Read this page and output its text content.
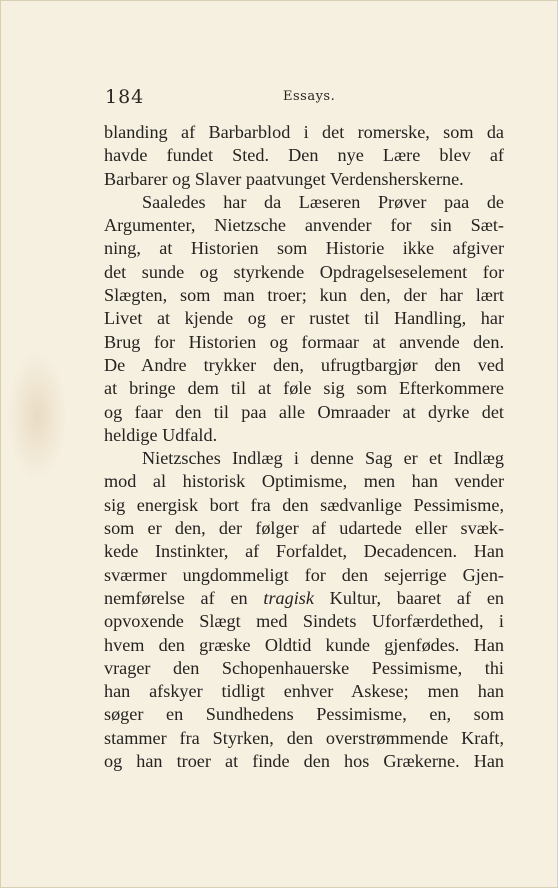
184	Essays.

blanding af Barbarblod i det romerske, som da
havde fundet Sted. Den nye Lære blev af
Barbarer og Slaver paatvunget Verdensherskerne.

Saaledes har da Læseren Prøver paa de
Argumenter, Nietzsche anvender for sin Sæt-
ning, at Historien som Historie ikke afgiver
det sunde og styrkende Opdragelseselement for
Slægten, som man troer; kun den, der har lært
Livet at kjende og er rustet til Handling, har
Brug for Historien og formaar at anvende den.
De Andre trykker den, ufrugtbargjør den ved
at bringe dem til at føle sig som Efterkommere
og faar den til paa alle Omraader at dyrke det
heldige Udfald.

Nietzsches Indlæg i denne Sag er et Indlæg
mod al historisk Optimisme, men han vender
sig energisk bort fra den sædvanlige Pessimisme,
som er den, der følger af udartede eller svæk-
kede Instinkter, af Forfaldet, Decadencen. Han
sværmer ungdommeligt for den sejerrige Gjen-
nemførelse af en tragisk Kultur, baaret af en
opvoxende Slægt med Sindets Uforfærdethed, i
hvem den græske Oldtid kunde gjenfødes. Han
vrager den Schopenhauerske Pessimisme, thi
han afskyer tidligt enhver Askese; men han
søger en Sundhedens Pessimisme, en, som
stammer fra Styrken, den overstrømmende Kraft,
og han troer at finde den hos Grækerne. Han
